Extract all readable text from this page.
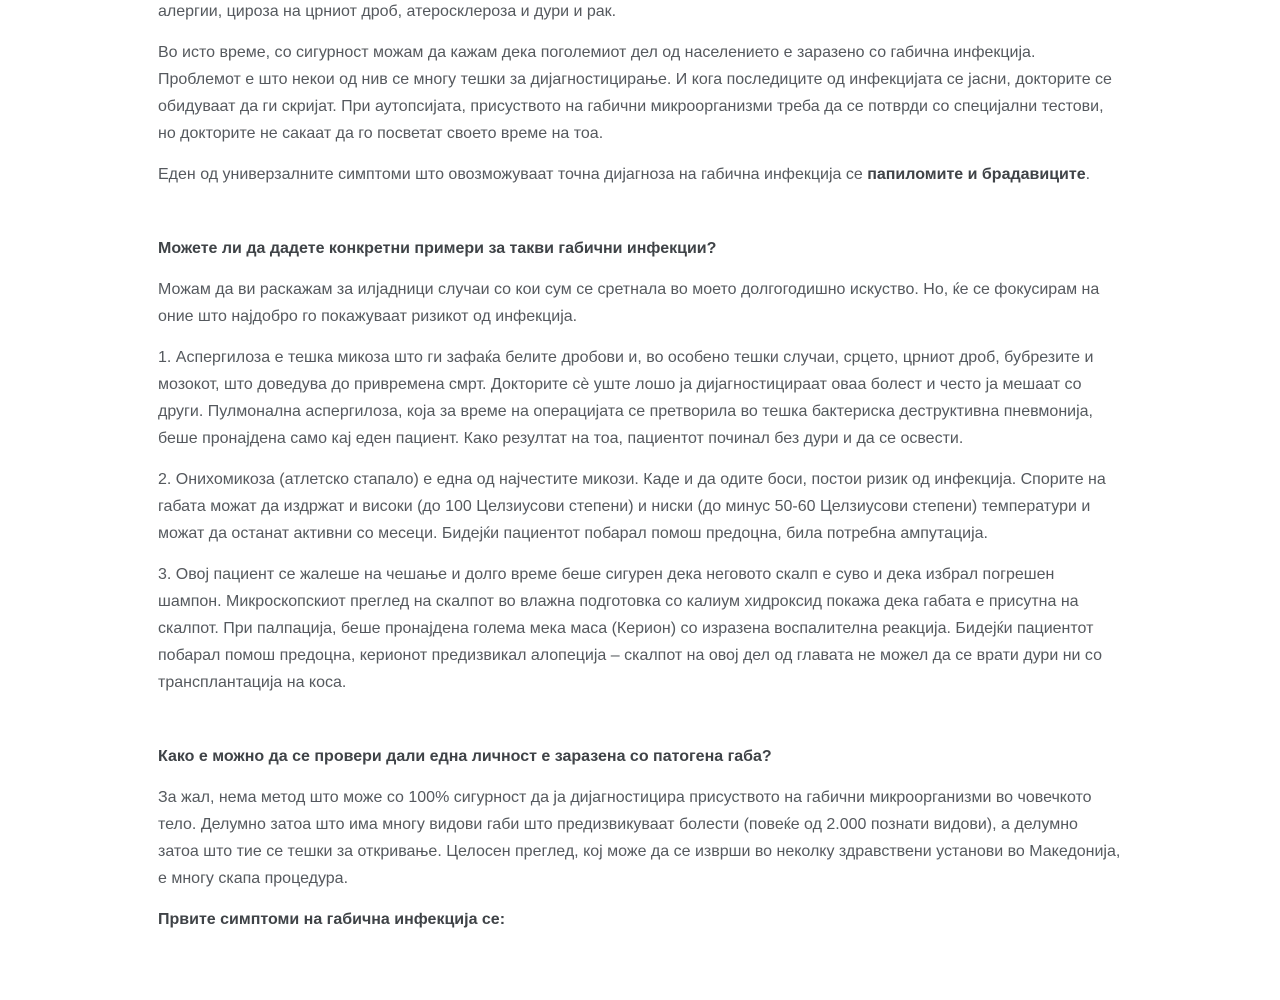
алергии, цироза на црниот дроб, атеросклероза и дури и рак.

Во исто време, со сигурност можам да кажам дека поголемиот дел од населението е заразено со габична инфекција. Проблемот е што некои од нив се многу тешки за дијагностицирање. И кога последиците од инфекцијата се јасни, докторите се обидуваат да ги скријат. При аутопсијата, присуството на габични микроорганизми треба да се потврди со специјални тестови, но докторите не сакаат да го посветат своето време на тоа.

Еден од универзалните симптоми што овозможуваат точна дијагноза на габична инфекција се папиломите и брадавиците.

Можете ли да дадете конкретни примери за такви габични инфекции?

Можам да ви раскажам за илјадници случаи со кои сум се сретнала во моето долгогодишно искуство. Но, ќе се фокусирам на оние што најдобро го покажуваат ризикот од инфекција.

1. Аспергилоза е тешка микоза што ги зафаќа белите дробови и, во особено тешки случаи, срцето, црниот дроб, бубрезите и мозокот, што доведува до привремена смрт. Докторите сè уште лошо ја дијагностицираат оваа болест и често ја мешаат со други. Пулмонална аспергилоза, која за време на операцијата се претворила во тешка бактериска деструктивна пневмонија, беше пронајдена само кај еден пациент. Како резултат на тоа, пациентот починал без дури и да се освести.

2. Онихомикоза (атлетско стапало) е една од најчестите микози. Каде и да одите боси, постои ризик од инфекција. Спорите на габата можат да издржат и високи (до 100 Целзиусови степени) и ниски (до минус 50-60 Целзиусови степени) температури и можат да останат активни со месеци. Бидејќи пациентот побарал помош предоцна, била потребна ампутација.

3. Овој пациент се жалеше на чешање и долго време беше сигурен дека неговото скалп е суво и дека избрал погрешен шампон. Микроскопскиот преглед на скалпот во влажна подготовка со калиум хидроксид покажа дека габата е присутна на скалпот. При палпација, беше пронајдена голема мека маса (Керион) со изразена воспалителна реакција. Бидејќи пациентот побарал помош предоцна, керионот предизвикал алопеција – скалпот на овој дел од главата не можел да се врати дури ни со трансплантација на коса.

Како е можно да се провери дали една личност е заразена со патогена габа?

За жал, нема метод што може со 100% сигурност да ја дијагностицира присуството на габични микроорганизми во човечкото тело. Делумно затоа што има многу видови габи што предизвикуваат болести (повеќе од 2.000 познати видови), а делумно затоа што тие се тешки за откривање. Целосен преглед, кој може да се изврши во неколку здравствени установи во Македонија, е многу скапа процедура.

Првите симптоми на габична инфекција се:
